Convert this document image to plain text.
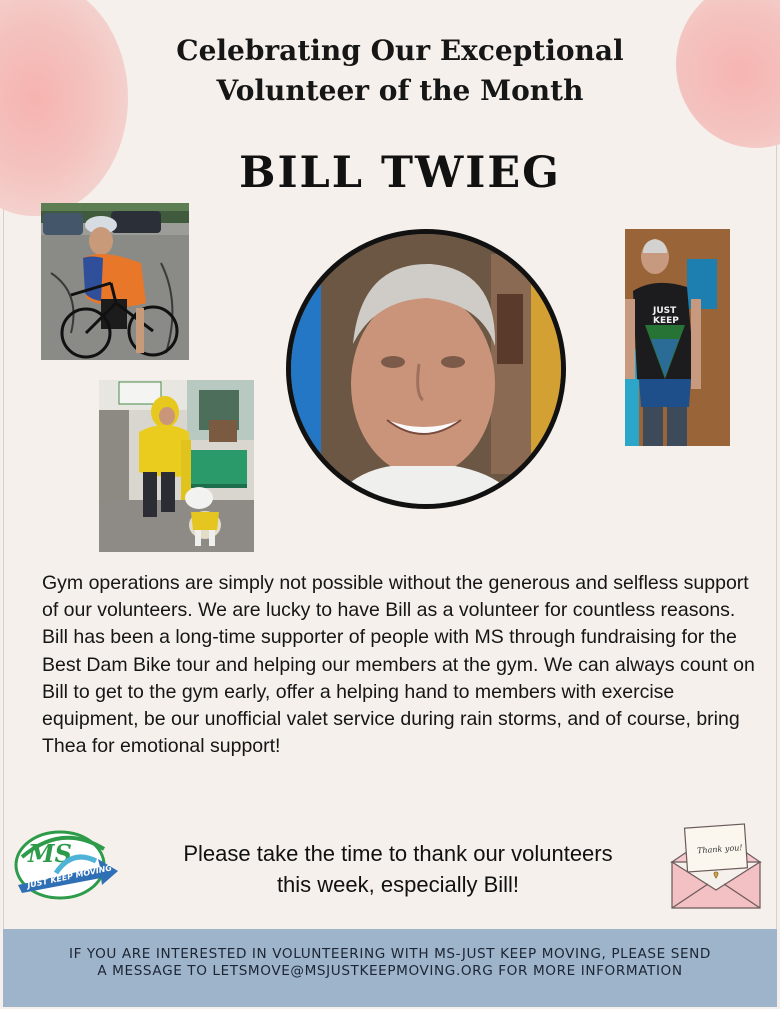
Celebrating Our Exceptional
Volunteer of the Month
BILL TWIEG
JUST
KEEP

Gym operations are simply not possible without the generous and selfless support of our volunteers. We are lucky to have Bill as a volunteer for countless reasons. Bill has been a long-time supporter of people with MS through fundraising for the Best Dam Bike tour and helping our members at the gym. We can always count on Bill to get to the gym early, offer a helping hand to members with exercise equipment, be our unofficial valet service during rain storms, and of course, bring Thea for emotional support!

MS
JUST KEEP MOVING

Please take the time to thank our volunteers
this week, especially Bill!

Thank you!

IF YOU ARE INTERESTED IN VOLUNTEERING WITH MS-JUST KEEP MOVING, PLEASE SEND

A MESSAGE TO LETSMOVE@MSJUSTKEEPMOVING.ORG FOR MORE INFORMATION
